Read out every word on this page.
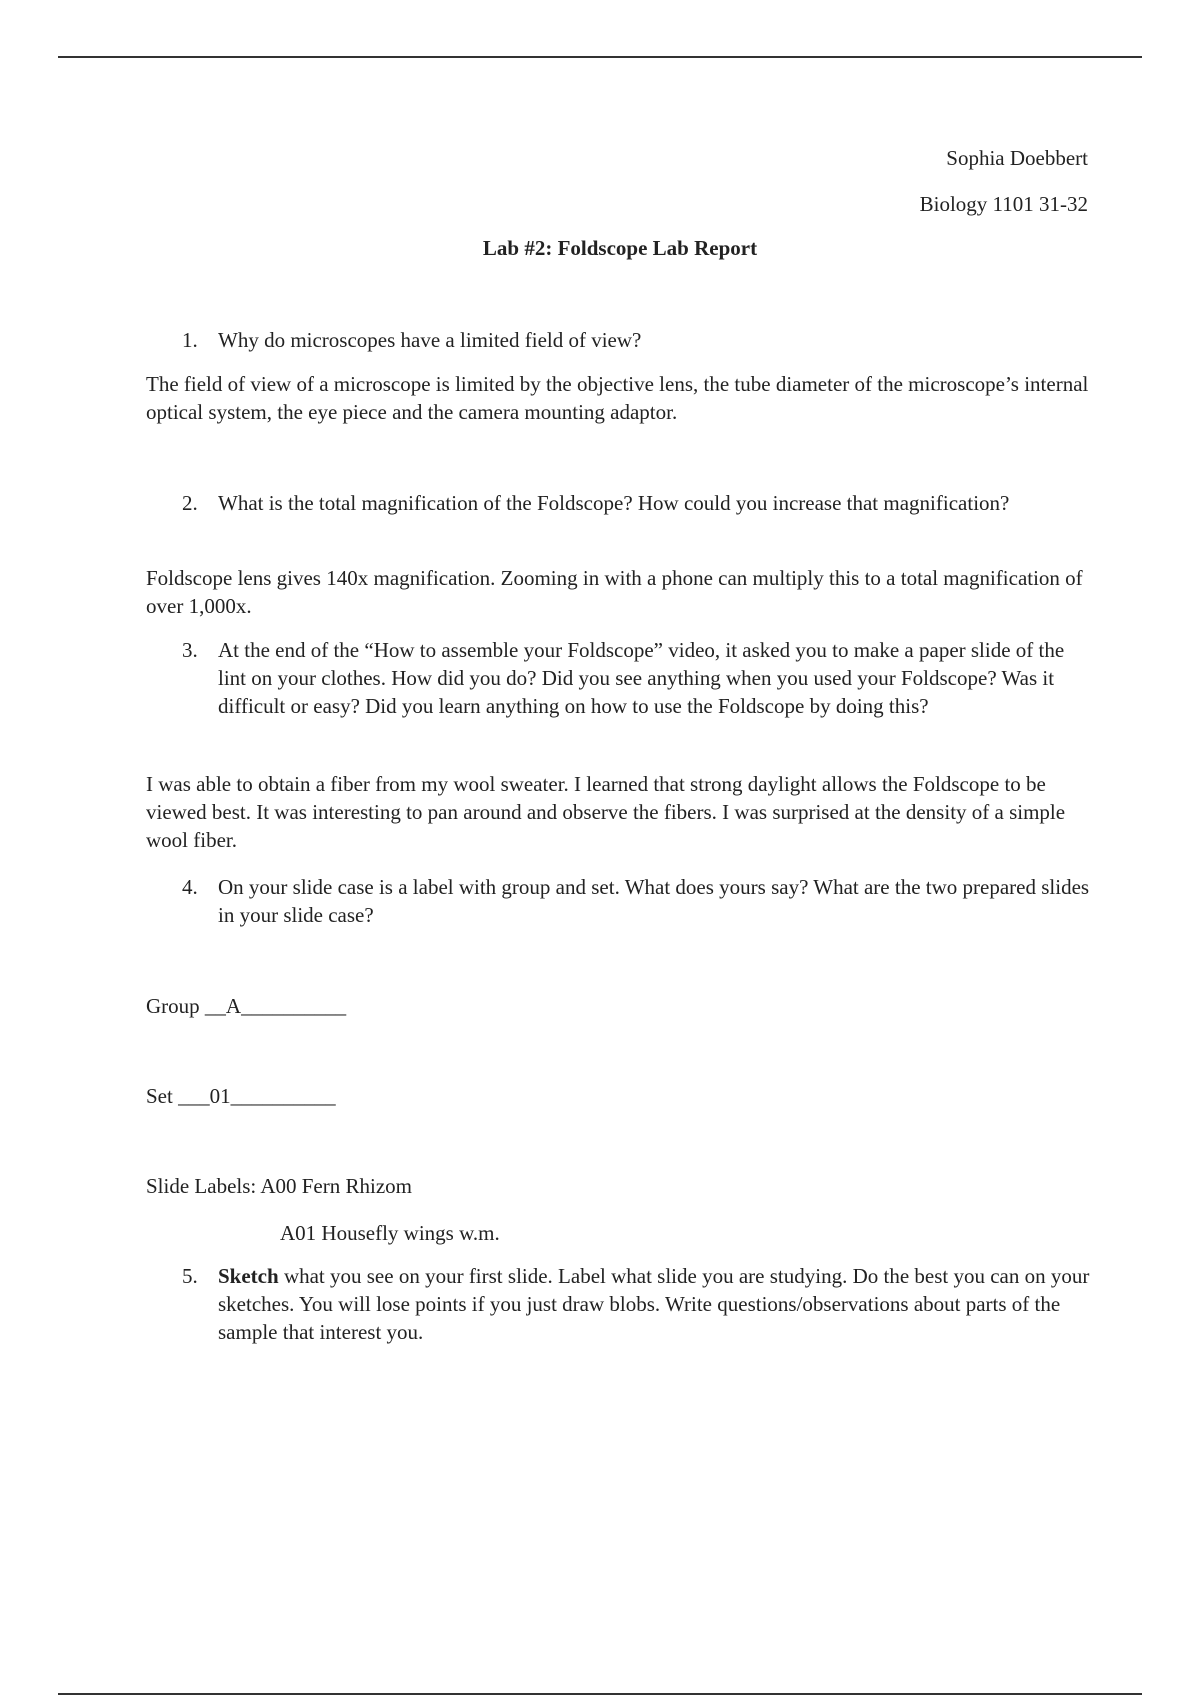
Sophia Doebbert
Biology 1101 31-32
Lab #2: Foldscope Lab Report
1. Why do microscopes have a limited field of view?
The field of view of a microscope is limited by the objective lens, the tube diameter of the microscope’s internal optical system, the eye piece and the camera mounting adaptor.
2. What is the total magnification of the Foldscope? How could you increase that magnification?
Foldscope lens gives 140x magnification. Zooming in with a phone can multiply this to a total magnification of over 1,000x.
3. At the end of the “How to assemble your Foldscope” video, it asked you to make a paper slide of the lint on your clothes. How did you do? Did you see anything when you used your Foldscope? Was it difficult or easy? Did you learn anything on how to use the Foldscope by doing this?
I was able to obtain a fiber from my wool sweater. I learned that strong daylight allows the Foldscope to be viewed best. It was interesting to pan around and observe the fibers. I was surprised at the density of a simple wool fiber.
4. On your slide case is a label with group and set. What does yours say? What are the two prepared slides in your slide case?
Group __A__________
Set ___01__________
Slide Labels: A00 Fern Rhizom
A01 Housefly wings w.m.
5. Sketch what you see on your first slide. Label what slide you are studying. Do the best you can on your sketches. You will lose points if you just draw blobs. Write questions/observations about parts of the sample that interest you.
